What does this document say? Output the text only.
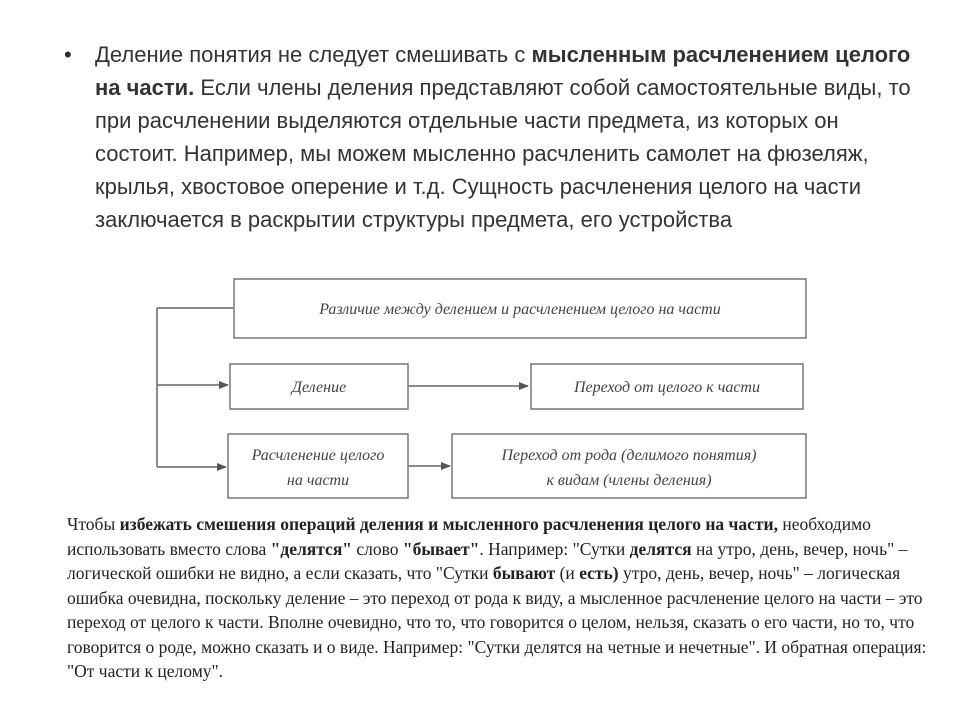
• Деление понятия не следует смешивать с мысленным расчленением целого на части. Если члены деления представляют собой самостоятельные виды, то при расчленении выделяются отдельные части предмета, из которых он состоит. Например, мы можем мысленно расчленить самолет на фюзеляж, крылья, хвостовое оперение и т.д. Сущность расчленения целого на части заключается в раскрытии структуры предмета, его устройства
Различие между делением и расчленением целого на части
Деление	Переход от целого к части
Расчленение целого
на части
Переход от рода (делимого понятия)
к видам (члены деления)
Чтобы избежать смешения операций деления и мысленного расчленения целого на части, необходимо использовать вместо слова "делятся" слово "бывает". Например: "Сутки делятся на утро, день, вечер, ночь" – логической ошибки не видно, а если сказать, что "Сутки бывают (и есть) утро, день, вечер, ночь" – логическая ошибка очевидна, поскольку деление – это переход от рода к виду, а мысленное расчленение целого на части – это переход от целого к части. Вполне очевидно, что то, что говорится о целом, нельзя, сказать о его части, но то, что говорится о роде, можно сказать и о виде. Например: "Сутки делятся на четные и нечетные". И обратная операция: "От части к целому".
